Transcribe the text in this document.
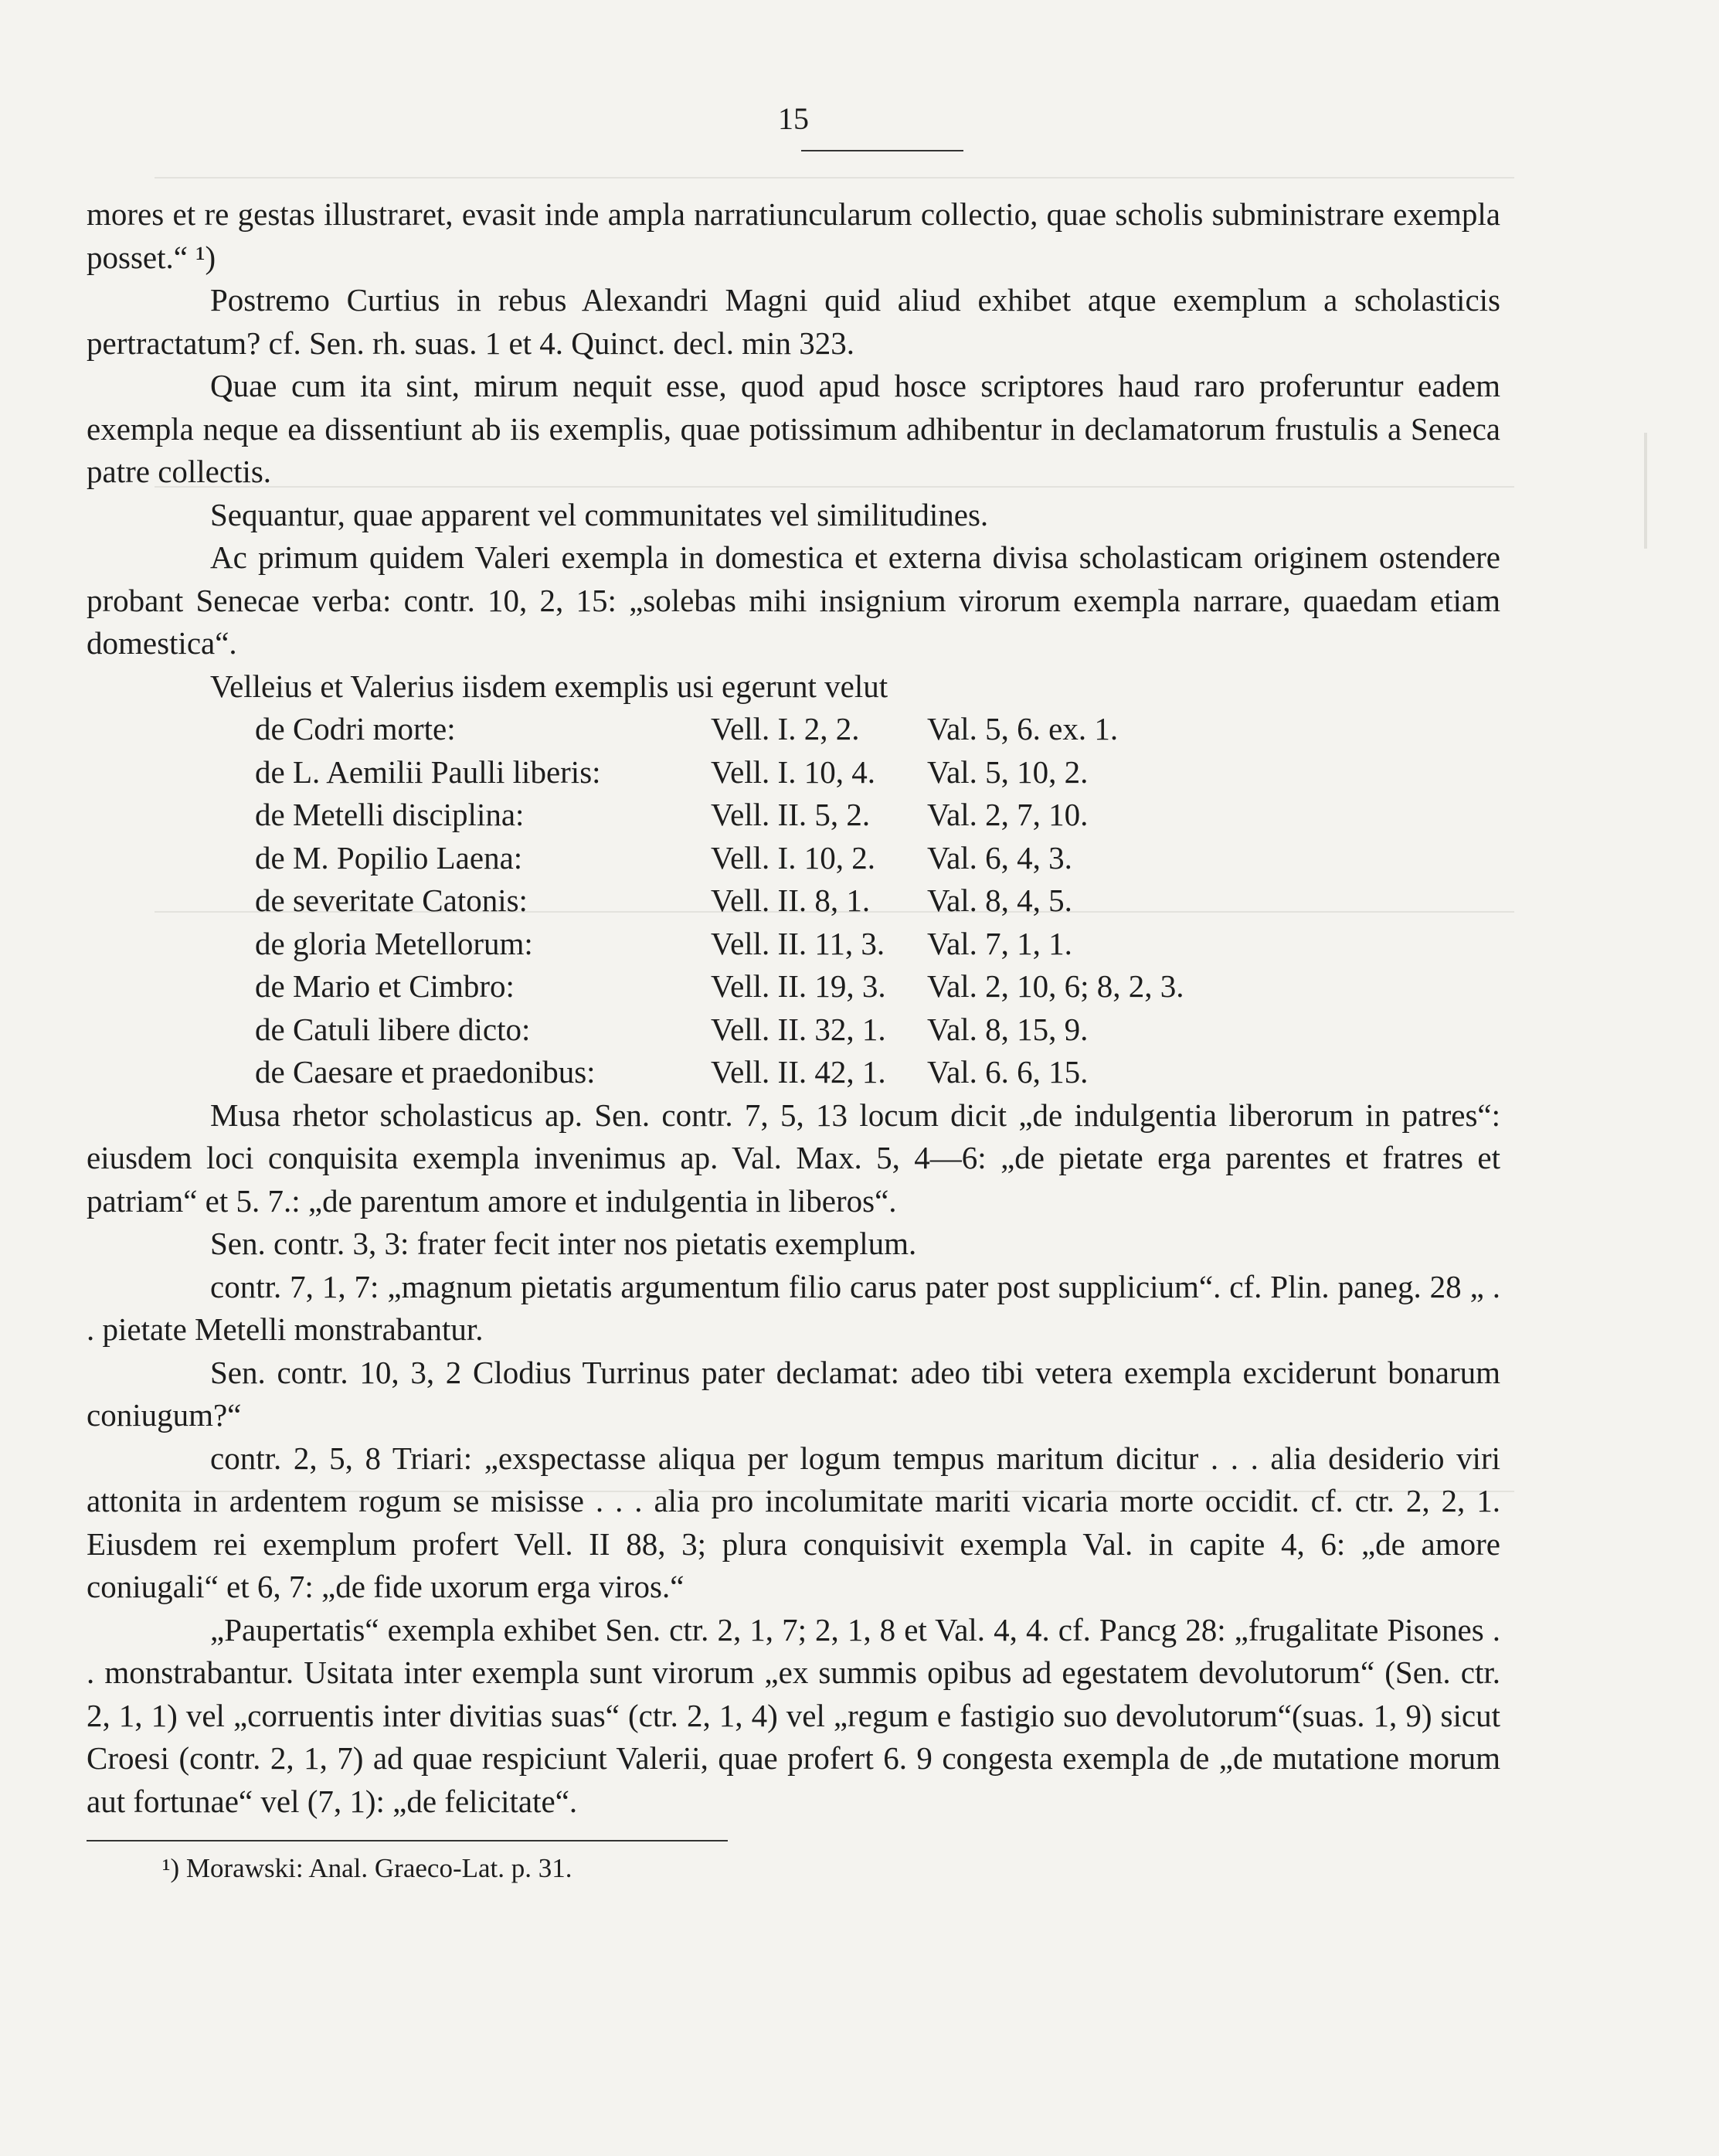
15

mores et re gestas illustraret, evasit inde ampla narratiuncularum collectio, quae scholis subministrare exempla posset.“ ¹)

Postremo Curtius in rebus Alexandri Magni quid aliud exhibet atque exemplum a scholasticis pertractatum? cf. Sen. rh. suas. 1 et 4. Quinct. decl. min 323.

Quae cum ita sint, mirum nequit esse, quod apud hosce scriptores haud raro proferuntur eadem exempla neque ea dissentiunt ab iis exemplis, quae potissimum adhibentur in declamatorum frustulis a Seneca patre collectis.

Sequantur, quae apparent vel communitates vel similitudines.

Ac primum quidem Valeri exempla in domestica et externa divisa scholasticam originem ostendere probant Senecae verba: contr. 10, 2, 15: „solebas mihi insignium virorum exempla narrare, quaedam etiam domestica“.

Velleius et Valerius iisdem exemplis usi egerunt velut

de Codri morte:	Vell. I. 2, 2.	Val. 5, 6. ex. 1.
de L. Aemilii Paulli liberis:	Vell. I. 10, 4.	Val. 5, 10, 2.
de Metelli disciplina:	Vell. II. 5, 2.	Val. 2, 7, 10.
de M. Popilio Laena:	Vell. I. 10, 2.	Val. 6, 4, 3.
de severitate Catonis:	Vell. II. 8, 1.	Val. 8, 4, 5.
de gloria Metellorum:	Vell. II. 11, 3.	Val. 7, 1, 1.
de Mario et Cimbro:	Vell. II. 19, 3.	Val. 2, 10, 6; 8, 2, 3.
de Catuli libere dicto:	Vell. II. 32, 1.	Val. 8, 15, 9.
de Caesare et praedonibus:	Vell. II. 42, 1.	Val. 6. 6, 15.

Musa rhetor scholasticus ap. Sen. contr. 7, 5, 13 locum dicit „de indulgentia liberorum in patres“: eiusdem loci conquisita exempla invenimus ap. Val. Max. 5, 4—6: „de pietate erga parentes et fratres et patriam“ et 5. 7.: „de parentum amore et indulgentia in liberos“.

Sen. contr. 3, 3: frater fecit inter nos pietatis exemplum.

contr. 7, 1, 7: „magnum pietatis argumentum filio carus pater post supplicium“. cf. Plin. paneg. 28 „ . . pietate Metelli monstrabantur.

Sen. contr. 10, 3, 2 Clodius Turrinus pater declamat: adeo tibi vetera exempla exciderunt bonarum coniugum?“

contr. 2, 5, 8 Triari: „exspectasse aliqua per logum tempus maritum dicitur . . . alia desiderio viri attonita in ardentem rogum se misisse . . . alia pro incolumitate mariti vicaria morte occidit. cf. ctr. 2, 2, 1. Eiusdem rei exemplum profert Vell. II 88, 3; plura conquisivit exempla Val. in capite 4, 6: „de amore coniugali“ et 6, 7: „de fide uxorum erga viros.“

„Paupertatis“ exempla exhibet Sen. ctr. 2, 1, 7; 2, 1, 8 et Val. 4, 4. cf. Pancg 28: „frugalitate Pisones . . monstrabantur. Usitata inter exempla sunt virorum „ex summis opibus ad egestatem devolutorum“ (Sen. ctr. 2, 1, 1) vel „corruentis inter divitias suas“ (ctr. 2, 1, 4) vel „regum e fastigio suo devolutorum“(suas. 1, 9) sicut Croesi (contr. 2, 1, 7) ad quae respiciunt Valerii, quae profert 6. 9 congesta exempla de „de mutatione morum aut fortunae“ vel (7, 1): „de felicitate“.

¹) Morawski: Anal. Graeco-Lat. p. 31.
